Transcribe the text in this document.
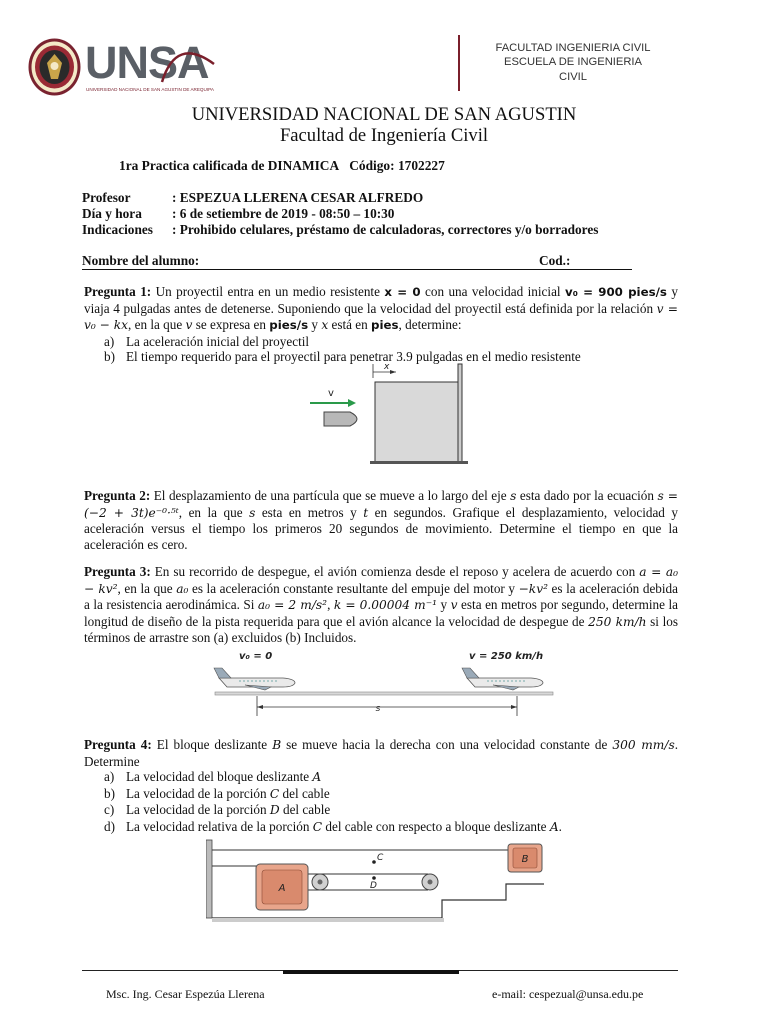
UNSA
UNIVERSIDAD NACIONAL DE SAN AGUSTIN DE AREQUIPA
FACULTAD INGENIERIA CIVIL
ESCUELA DE INGENIERIA
CIVIL
UNIVERSIDAD NACIONAL DE SAN AGUSTIN
Facultad de Ingeniería Civil
1ra Practica calificada de DINAMICA Código: 1702227
Profesor	: ESPEZUA LLERENA CESAR ALFREDO
Día y hora	: 6 de setiembre de 2019 - 08:50 – 10:30
Indicaciones	: Prohibido celulares, préstamo de calculadoras, correctores y/o borradores
Nombre del alumno:	Cod.:
Pregunta 1: Un proyectil entra en un medio resistente x = 0 con una velocidad inicial v₀ = 900 pies/s y viaja 4 pulgadas antes de detenerse. Suponiendo que la velocidad del proyectil está definida por la relación v = v₀ − kx, en la que v se expresa en pies/s y x está en pies, determine:
a) La aceleración inicial del proyectil
b) El tiempo requerido para el proyectil para penetrar 3.9 pulgadas en el medio resistente
x
v
Pregunta 2: El desplazamiento de una partícula que se mueve a lo largo del eje s esta dado por la ecuación s = (−2 + 3t)e⁻⁰·⁵ᵗ, en la que s esta en metros y t en segundos. Grafique el desplazamiento, velocidad y aceleración versus el tiempo los primeros 20 segundos de movimiento. Determine el tiempo en que la aceleración es cero.
Pregunta 3: En su recorrido de despegue, el avión comienza desde el reposo y acelera de acuerdo con a = a₀ − kv², en la que a₀ es la aceleración constante resultante del empuje del motor y −kv² es la aceleración debida a la resistencia aerodinámica. Si a₀ = 2 m/s², k = 0.00004 m⁻¹ y v esta en metros por segundo, determine la longitud de diseño de la pista requerida para que el avión alcance la velocidad de despegue de 250 km/h si los términos de arrastre son (a) excluidos (b) Incluidos.
v₀ = 0	v = 250 km/h
s
Pregunta 4: El bloque deslizante B se mueve hacia la derecha con una velocidad constante de 300 mm/s. Determine
a) La velocidad del bloque deslizante A
b) La velocidad de la porción C del cable
c) La velocidad de la porción D del cable
d) La velocidad relativa de la porción C del cable con respecto a bloque deslizante A.
A
C
D
B
Msc. Ing. Cesar Espezúa Llerena	e-mail: cespezual@unsa.edu.pe
